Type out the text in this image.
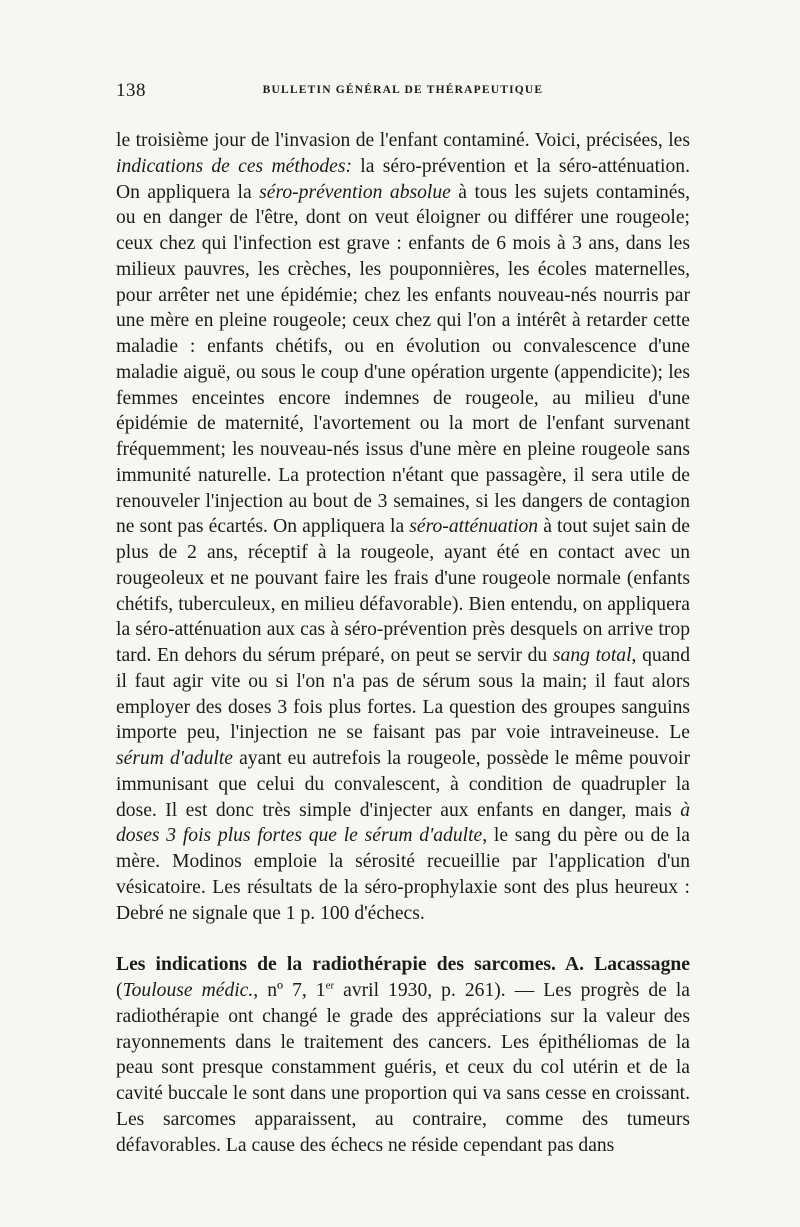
138	BULLETIN GÉNÉRAL DE THÉRAPEUTIQUE

le troisième jour de l'invasion de l'enfant contaminé. Voici, précisées, les indications de ces méthodes: la séro-prévention et la séro-atténuation. On appliquera la séro-prévention absolue à tous les sujets contaminés, ou en danger de l'être, dont on veut éloigner ou différer une rougeole; ceux chez qui l'infection est grave : enfants de 6 mois à 3 ans, dans les milieux pauvres, les crèches, les pouponnières, les écoles maternelles, pour arrêter net une épidémie; chez les enfants nouveau-nés nourris par une mère en pleine rougeole; ceux chez qui l'on a intérêt à retarder cette maladie : enfants chétifs, ou en évolution ou convalescence d'une maladie aiguë, ou sous le coup d'une opération urgente (appendicite); les femmes enceintes encore indemnes de rougeole, au milieu d'une épidémie de maternité, l'avortement ou la mort de l'enfant survenant fréquemment; les nouveau-nés issus d'une mère en pleine rougeole sans immunité naturelle. La protection n'étant que passagère, il sera utile de renouveler l'injection au bout de 3 semaines, si les dangers de contagion ne sont pas écartés. On appliquera la séro-atténuation à tout sujet sain de plus de 2 ans, réceptif à la rougeole, ayant été en contact avec un rougeoleux et ne pouvant faire les frais d'une rougeole normale (enfants chétifs, tuberculeux, en milieu défavorable). Bien entendu, on appliquera la séro-atténuation aux cas à séro-prévention près desquels on arrive trop tard. En dehors du sérum préparé, on peut se servir du sang total, quand il faut agir vite ou si l'on n'a pas de sérum sous la main; il faut alors employer des doses 3 fois plus fortes. La question des groupes sanguins importe peu, l'injection ne se faisant pas par voie intraveineuse. Le sérum d'adulte ayant eu autrefois la rougeole, possède le même pouvoir immunisant que celui du convalescent, à condition de quadrupler la dose. Il est donc très simple d'injecter aux enfants en danger, mais à doses 3 fois plus fortes que le sérum d'adulte, le sang du père ou de la mère. Modinos emploie la sérosité recueillie par l'application d'un vésicatoire. Les résultats de la séro-prophylaxie sont des plus heureux : Debré ne signale que 1 p. 100 d'échecs.

Les indications de la radiothérapie des sarcomes. A. Lacassagne (Toulouse médic., nº 7, 1er avril 1930, p. 261). — Les progrès de la radiothérapie ont changé le grade des appréciations sur la valeur des rayonnements dans le traitement des cancers. Les épithéliomas de la peau sont presque constamment guéris, et ceux du col utérin et de la cavité buccale le sont dans une proportion qui va sans cesse en croissant. Les sarcomes apparaissent, au contraire, comme des tumeurs défavorables. La cause des échecs ne réside cependant pas dans
